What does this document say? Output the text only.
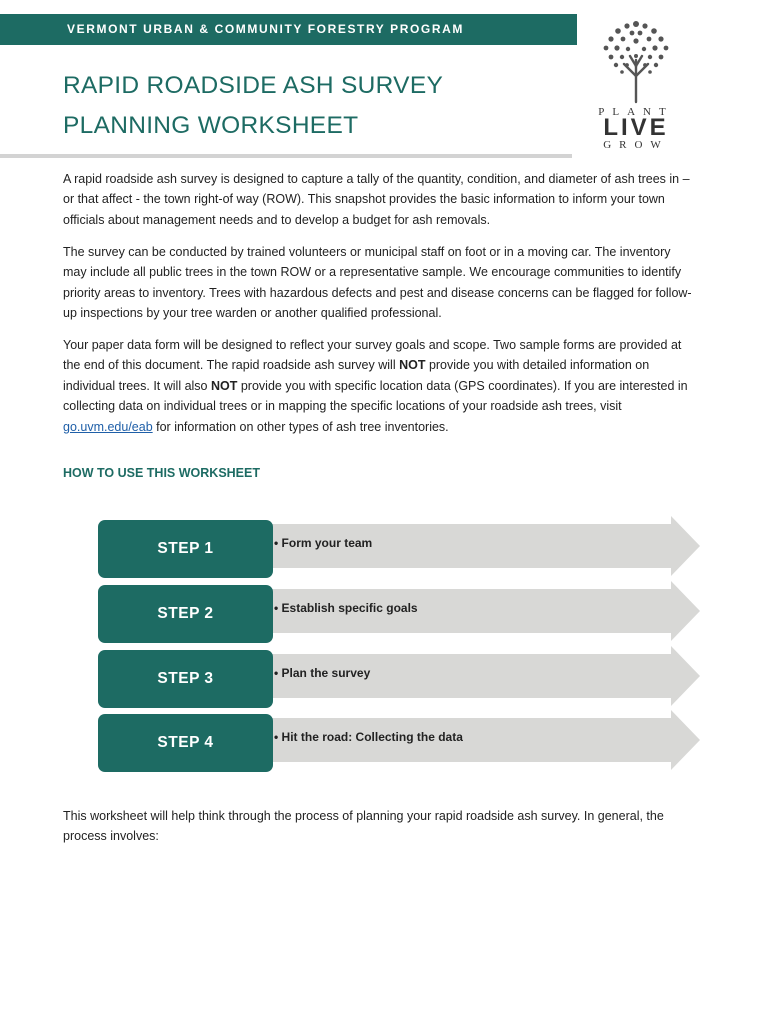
VERMONT URBAN & COMMUNITY FORESTRY PROGRAM
PLANT
LIVE
GROW
RAPID ROADSIDE ASH SURVEY
PLANNING WORKSHEET

A rapid roadside ash survey is designed to capture a tally of the quantity, condition, and diameter of ash trees in – or that affect - the town right-of way (ROW). This snapshot provides the basic information to inform your town officials about management needs and to develop a budget for ash removals.

The survey can be conducted by trained volunteers or municipal staff on foot or in a moving car. The inventory may include all public trees in the town ROW or a representative sample. We encourage communities to identify priority areas to inventory. Trees with hazardous defects and pest and disease concerns can be flagged for follow-up inspections by your tree warden or another qualified professional.

Your paper data form will be designed to reflect your survey goals and scope. Two sample forms are provided at the end of this document. The rapid roadside ash survey will NOT provide you with detailed information on individual trees. It will also NOT provide you with specific location data (GPS coordinates). If you are interested in collecting data on individual trees or in mapping the specific locations of your roadside ash trees, visit go.uvm.edu/eab for information on other types of ash tree inventories.

HOW TO USE THIS WORKSHEET
STEP 1	• Form your team
STEP 2	• Establish specific goals
STEP 3	• Plan the survey
STEP 4	• Hit the road: Collecting the data

This worksheet will help think through the process of planning your rapid roadside ash survey. In general, the process involves:
